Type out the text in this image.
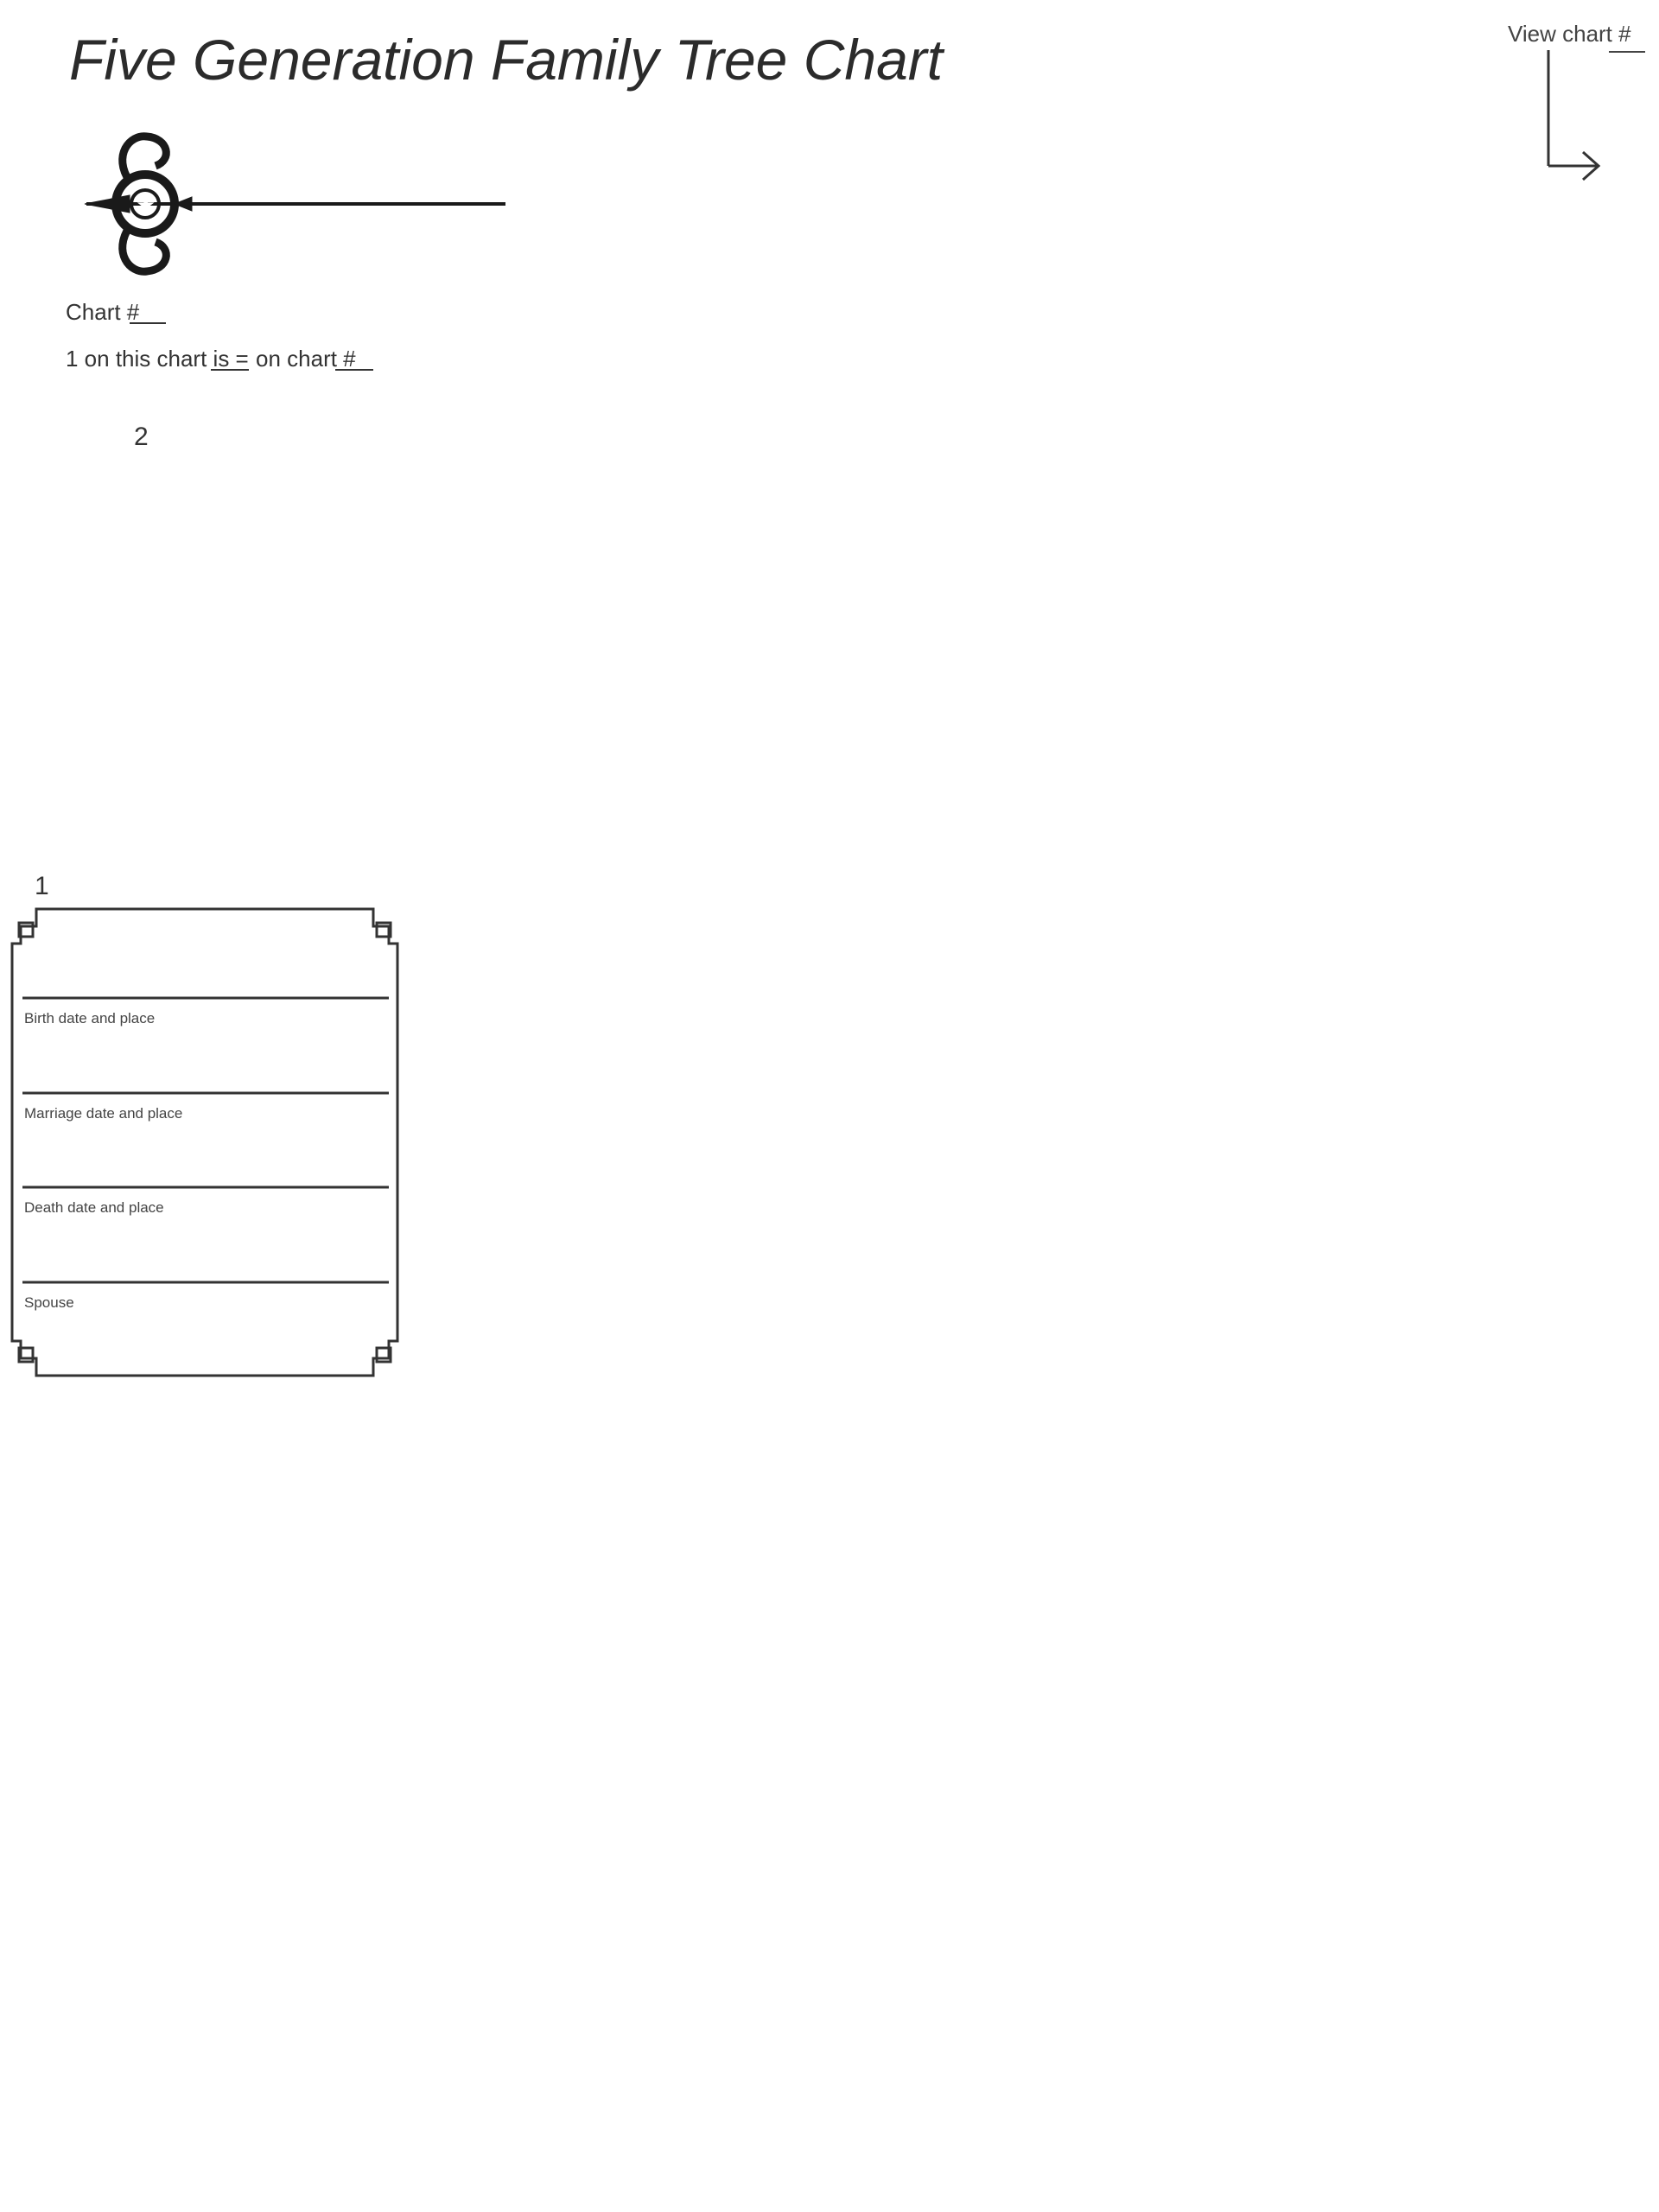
Five Generation Family Tree Chart
★
Chart #
1 on this chart is = on chart #
View chart #
1
Birth date and place
Marriage date and place
Death date and place
Spouse
2
